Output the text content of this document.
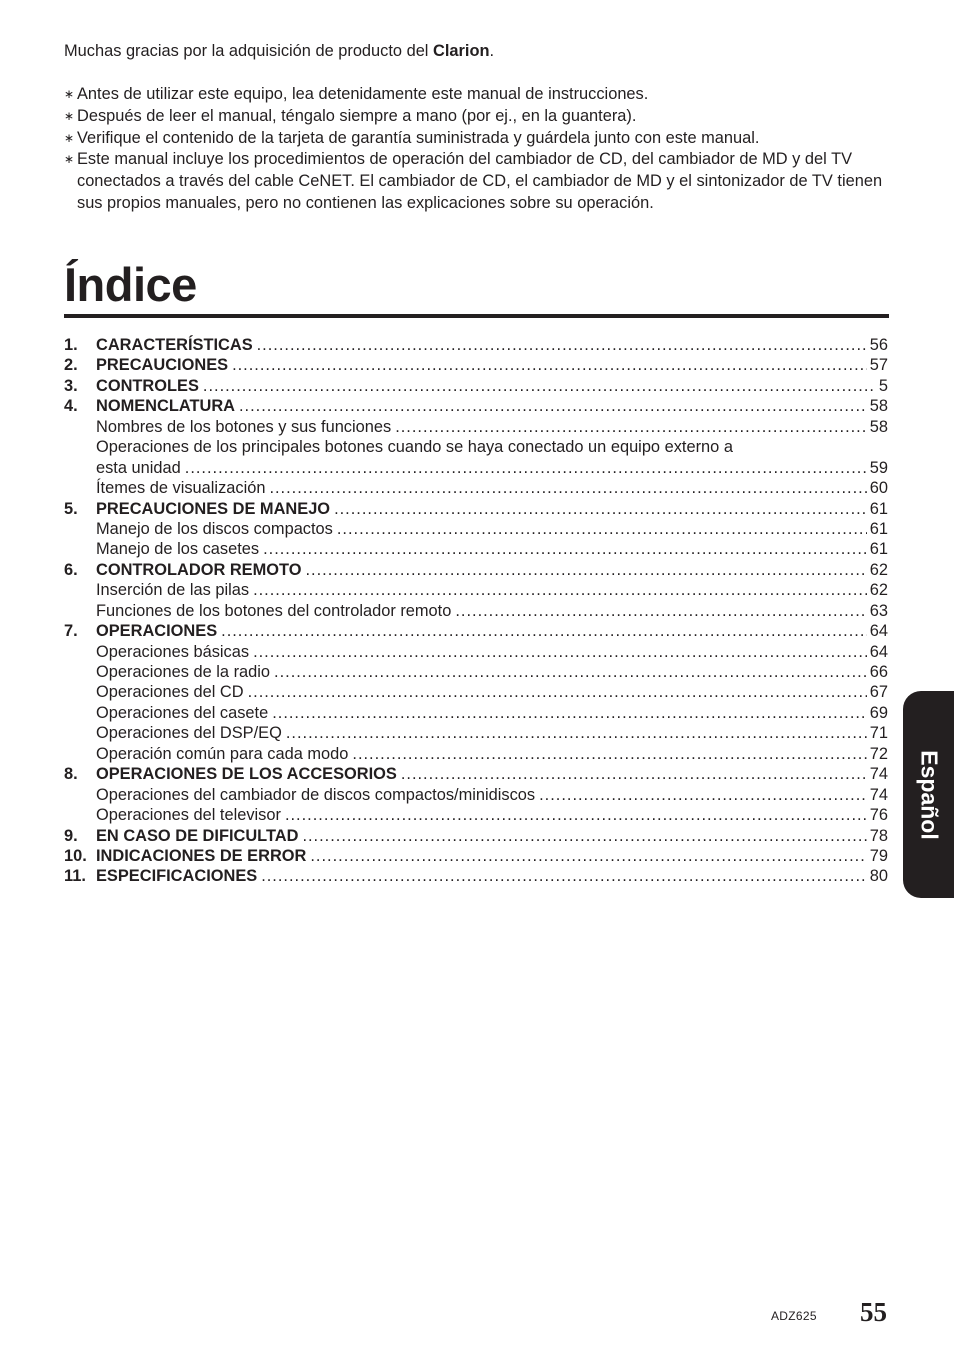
Muchas gracias por la adquisición de producto del Clarion.

∗ Antes de utilizar este equipo, lea detenidamente este manual de instrucciones.
∗ Después de leer el manual, téngalo siempre a mano (por ej., en la guantera).
∗ Verifique el contenido de la tarjeta de garantía suministrada y guárdela junto con este manual.
∗ Este manual incluye los procedimientos de operación del cambiador de CD, del cambiador de MD y del TV conectados a través del cable CeNET. El cambiador de CD, el cambiador de MD y el sintonizador de TV tienen sus propios manuales, pero no contienen las explicaciones sobre su operación.
Índice
1. CARACTERÍSTICAS .....	56
2. PRECAUCIONES .....	57
3. CONTROLES .....	5
4. NOMENCLATURA .....	58
Nombres de los botones y sus funciones .....	58
Operaciones de los principales botones cuando se haya conectado un equipo externo a
esta unidad .....	59
Ítemes de visualización .....	60
5. PRECAUCIONES DE MANEJO .....	61
Manejo de los discos compactos .....	61
Manejo de los casetes .....	61
6. CONTROLADOR REMOTO .....	62
Inserción de las pilas .....	62
Funciones de los botones del controlador remoto .....	63
7. OPERACIONES .....	64
Operaciones básicas .....	64
Operaciones de la radio .....	66
Operaciones del CD .....	67
Operaciones del casete .....	69
Operaciones del DSP/EQ .....	71
Operación común para cada modo .....	72
8. OPERACIONES DE LOS ACCESORIOS .....	74
Operaciones del cambiador de discos compactos/minidiscos .....	74
Operaciones del televisor .....	76
9. EN CASO DE DIFICULTAD .....	78
10. INDICACIONES DE ERROR .....	79
11. ESPECIFICACIONES .....	80
Español
ADZ625 55
